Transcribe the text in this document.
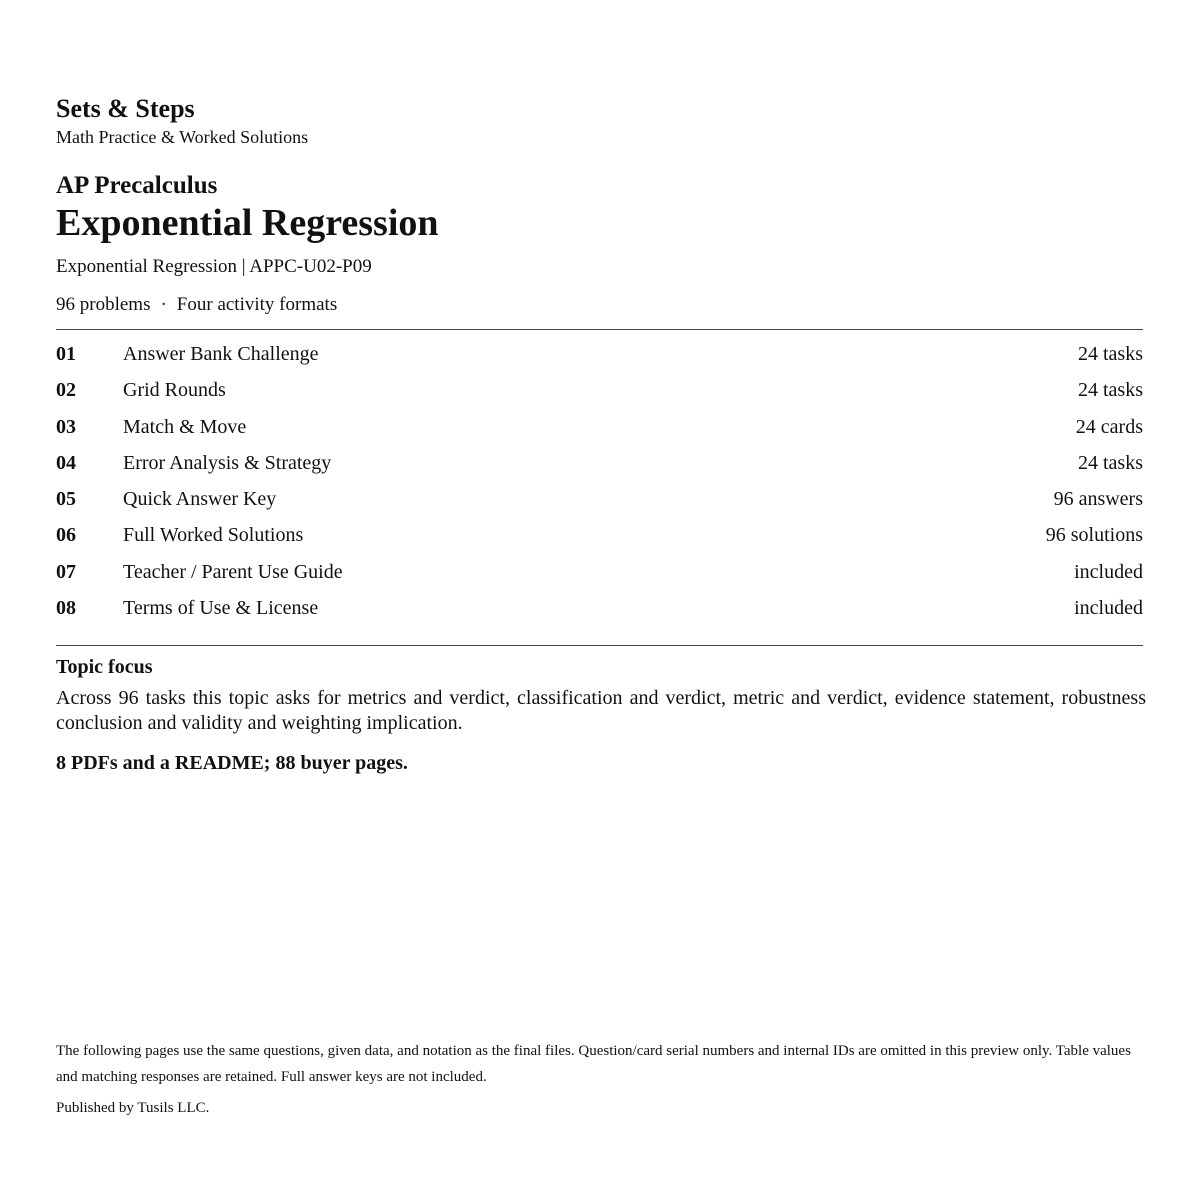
Sets & Steps
Math Practice & Worked Solutions
AP Precalculus
Exponential Regression
Exponential Regression | APPC-U02-P09
96 problems · Four activity formats
01 Answer Bank Challenge	24 tasks
02 Grid Rounds	24 tasks
03 Match & Move	24 cards
04 Error Analysis & Strategy	24 tasks
05 Quick Answer Key	96 answers
06 Full Worked Solutions	96 solutions
07 Teacher / Parent Use Guide	included
08 Terms of Use & License	included
Topic focus
Across 96 tasks this topic asks for metrics and verdict, classification and verdict, metric and verdict, evidence statement, robustness conclusion and validity and weighting implication.
8 PDFs and a README; 88 buyer pages.
The following pages use the same questions, given data, and notation as the final files. Question/card serial numbers and internal IDs are omitted in this preview only. Table values and matching responses are retained. Full answer keys are not included.
Published by Tusils LLC.
